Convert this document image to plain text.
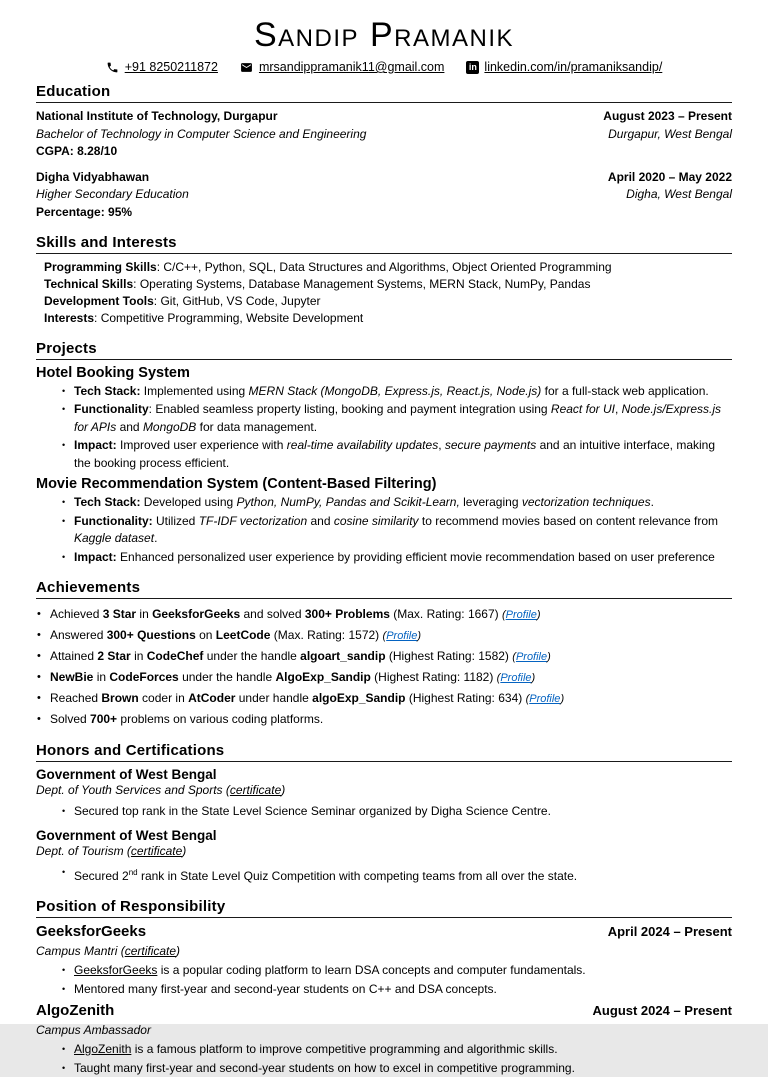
Sandip Pramanik
+91 8250211872	mrsandippramanik11@gmail.com	in linkedin.com/in/pramaniksandip/
Education
National Institute of Technology, Durgapur	August 2023 – Present
Bachelor of Technology in Computer Science and Engineering	Durgapur, West Bengal
CGPA: 8.28/10
Digha Vidyabhawan	April 2020 – May 2022
Higher Secondary Education	Digha, West Bengal
Percentage: 95%
Skills and Interests
Programming Skills: C/C++, Python, SQL, Data Structures and Algorithms, Object Oriented Programming
Technical Skills: Operating Systems, Database Management Systems, MERN Stack, NumPy, Pandas
Development Tools: Git, GitHub, VS Code, Jupyter
Interests: Competitive Programming, Website Development
Projects
Hotel Booking System
• Tech Stack: Implemented using MERN Stack (MongoDB, Express.js, React.js, Node.js) for a full-stack web application.
• Functionality: Enabled seamless property listing, booking and payment integration using React for UI, Node.js/Express.js for APIs and MongoDB for data management.
• Impact: Improved user experience with real-time availability updates, secure payments and an intuitive interface, making the booking process efficient.
Movie Recommendation System (Content-Based Filtering)
• Tech Stack: Developed using Python, NumPy, Pandas and Scikit-Learn, leveraging vectorization techniques.
• Functionality: Utilized TF-IDF vectorization and cosine similarity to recommend movies based on content relevance from Kaggle dataset.
• Impact: Enhanced personalized user experience by providing efficient movie recommendation based on user preference
Achievements
• Achieved 3 Star in GeeksforGeeks and solved 300+ Problems (Max. Rating: 1667) (Profile)
• Answered 300+ Questions on LeetCode (Max. Rating: 1572) (Profile)
• Attained 2 Star in CodeChef under the handle algoart_sandip (Highest Rating: 1582) (Profile)
• NewBie in CodeForces under the handle AlgoExp_Sandip (Highest Rating: 1182) (Profile)
• Reached Brown coder in AtCoder under handle algoExp_Sandip (Highest Rating: 634) (Profile)
• Solved 700+ problems on various coding platforms.
Honors and Certifications
Government of West Bengal
Dept. of Youth Services and Sports (certificate)
• Secured top rank in the State Level Science Seminar organized by Digha Science Centre.
Government of West Bengal
Dept. of Tourism (certificate)
• Secured 2nd rank in State Level Quiz Competition with competing teams from all over the state.
Position of Responsibility
GeeksforGeeks	April 2024 – Present
Campus Mantri (certificate)
• GeeksforGeeks is a popular coding platform to learn DSA concepts and computer fundamentals.
• Mentored many first-year and second-year students on C++ and DSA concepts.
AlgoZenith	August 2024 – Present
Campus Ambassador
• AlgoZenith is a famous platform to improve competitive programming and algorithmic skills.
• Taught many first-year and second-year students on how to excel in competitive programming.
